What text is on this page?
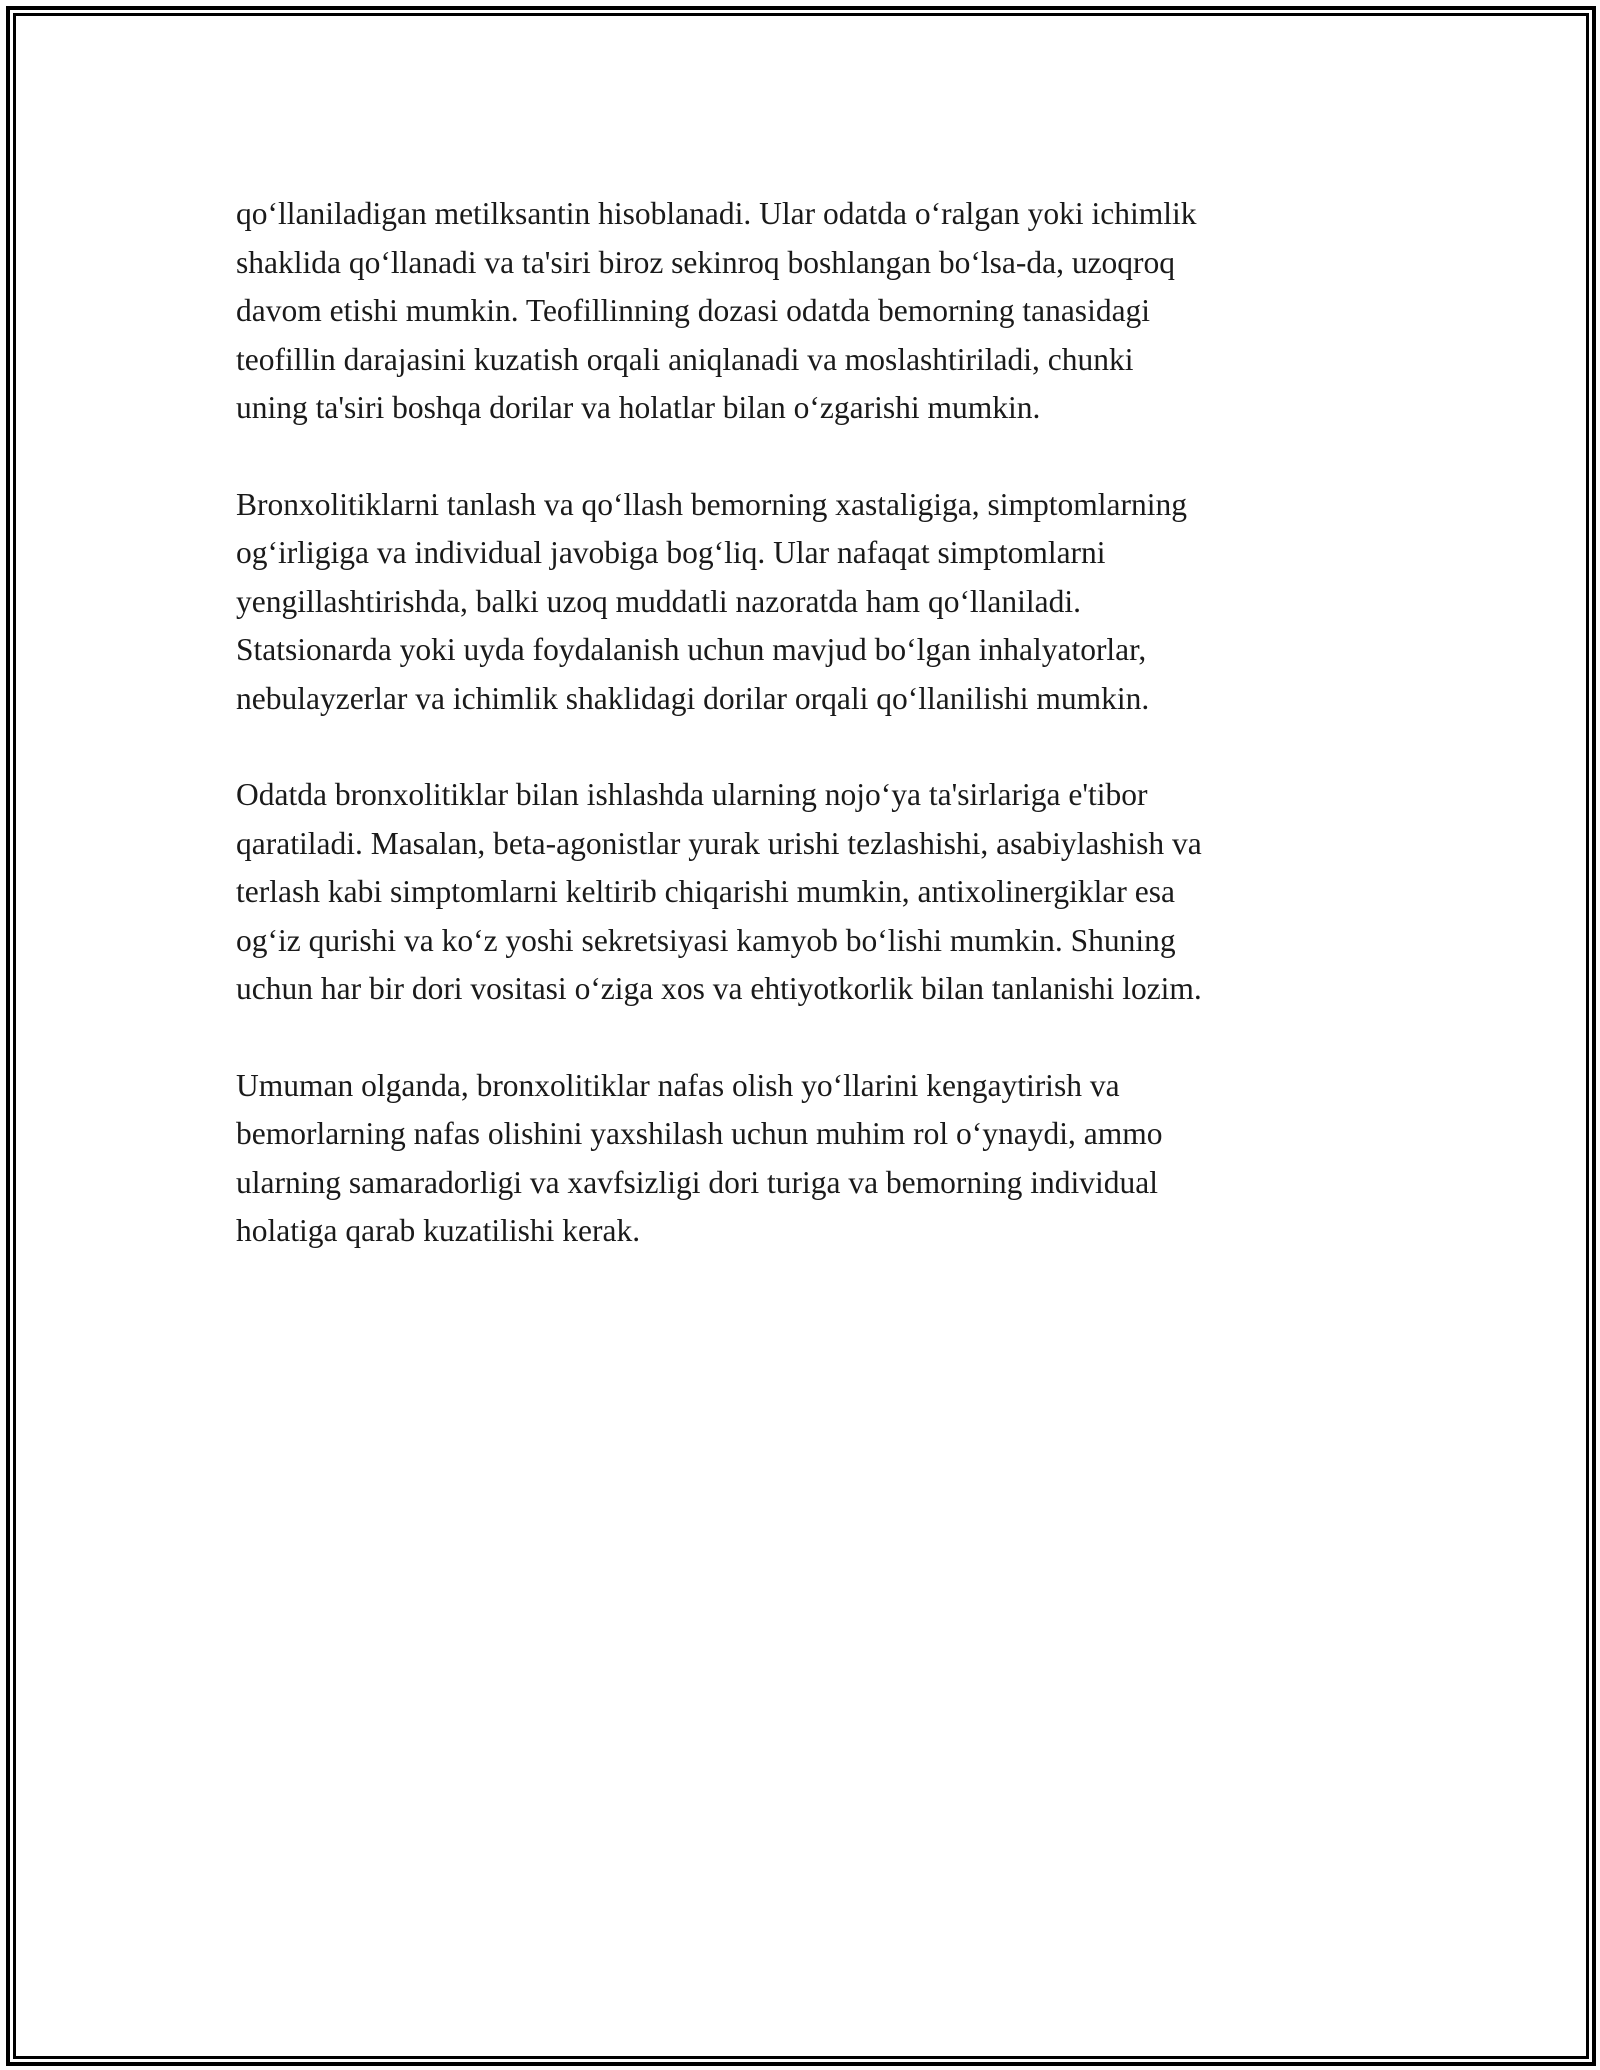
qo‘llaniladigan metilksantin hisoblanadi. Ular odatda o‘ralgan yoki ichimlik
shaklida qo‘llanadi va ta'siri biroz sekinroq boshlangan bo‘lsa-da, uzoqroq
davom etishi mumkin. Teofillinning dozasi odatda bemorning tanasidagi
teofillin darajasini kuzatish orqali aniqlanadi va moslashtiriladi, chunki
uning ta'siri boshqa dorilar va holatlar bilan o‘zgarishi mumkin.
Bronxolitiklarni tanlash va qo‘llash bemorning xastaligiga, simptomlarning
og‘irligiga va individual javobiga bog‘liq. Ular nafaqat simptomlarni
yengillashtirishda, balki uzoq muddatli nazoratda ham qo‘llaniladi.
Statsionarda yoki uyda foydalanish uchun mavjud bo‘lgan inhalyatorlar,
nebulayzerlar va ichimlik shaklidagi dorilar orqali qo‘llanilishi mumkin.
Odatda bronxolitiklar bilan ishlashda ularning nojo‘ya ta'sirlariga e'tibor
qaratiladi. Masalan, beta-agonistlar yurak urishi tezlashishi, asabiylashish va
terlash kabi simptomlarni keltirib chiqarishi mumkin, antixolinergiklar esa
og‘iz qurishi va ko‘z yoshi sekretsiyasi kamyob bo‘lishi mumkin. Shuning
uchun har bir dori vositasi o‘ziga xos va ehtiyotkorlik bilan tanlanishi lozim.
Umuman olganda, bronxolitiklar nafas olish yo‘llarini kengaytirish va
bemorlarning nafas olishini yaxshilash uchun muhim rol o‘ynaydi, ammo
ularning samaradorligi va xavfsizligi dori turiga va bemorning individual
holatiga qarab kuzatilishi kerak.
